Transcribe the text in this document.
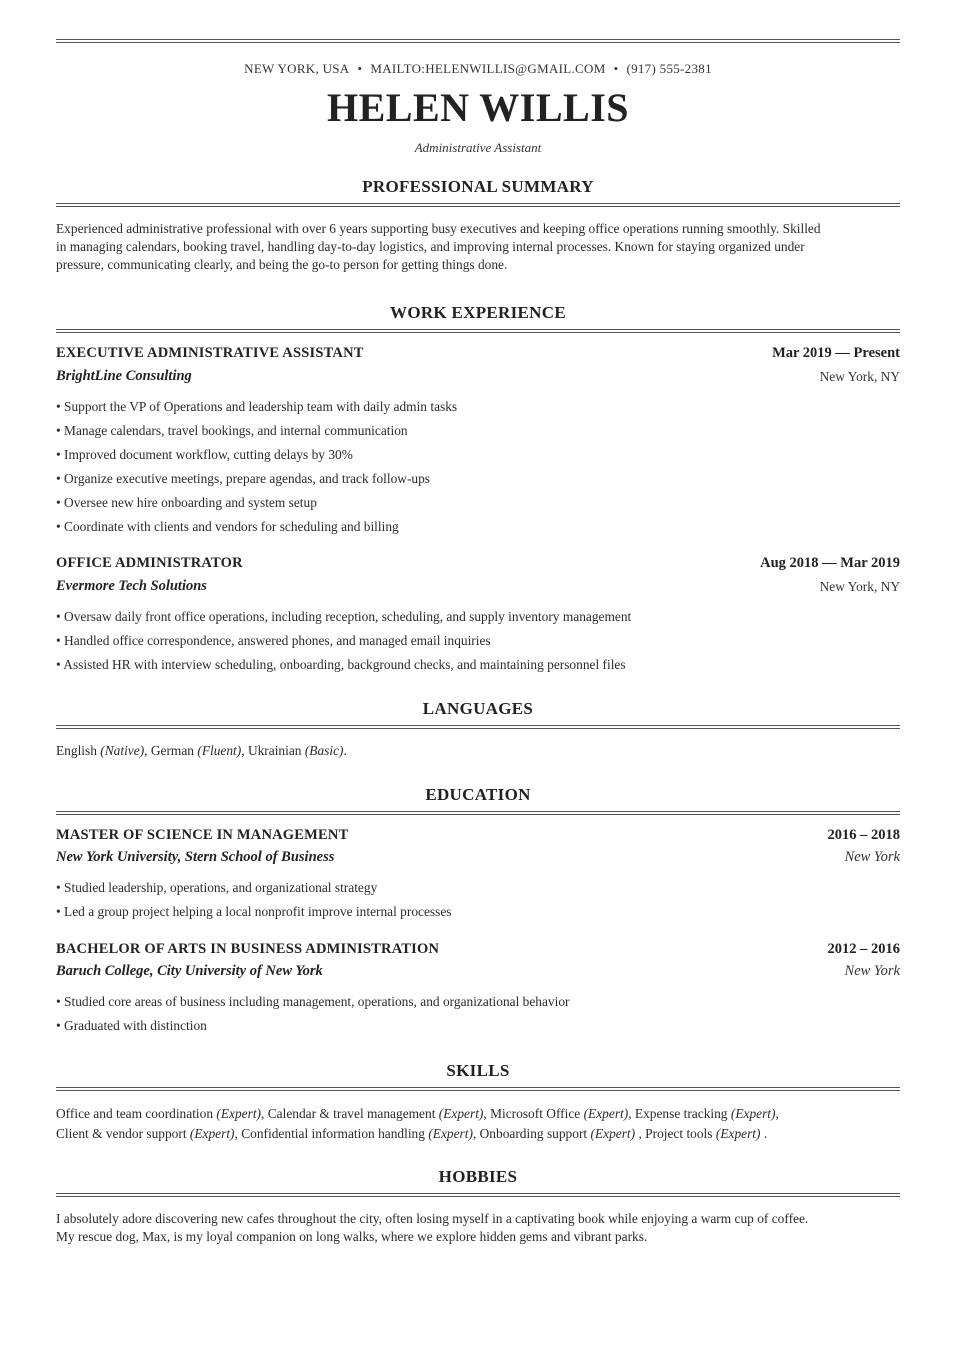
NEW YORK, USA • MAILTO:HELENWILLIS@GMAIL.COM • (917) 555-2381
HELEN WILLIS
Administrative Assistant
PROFESSIONAL SUMMARY
Experienced administrative professional with over 6 years supporting busy executives and keeping office operations running smoothly. Skilled
in managing calendars, booking travel, handling day-to-day logistics, and improving internal processes. Known for staying organized under
pressure, communicating clearly, and being the go-to person for getting things done.
WORK EXPERIENCE
EXECUTIVE ADMINISTRATIVE ASSISTANT	Mar 2019 — Present
BrightLine Consulting	New York, NY
• Support the VP of Operations and leadership team with daily admin tasks
• Manage calendars, travel bookings, and internal communication
• Improved document workflow, cutting delays by 30%
• Organize executive meetings, prepare agendas, and track follow-ups
• Oversee new hire onboarding and system setup
• Coordinate with clients and vendors for scheduling and billing
OFFICE ADMINISTRATOR	Aug 2018 — Mar 2019
Evermore Tech Solutions	New York, NY
• Oversaw daily front office operations, including reception, scheduling, and supply inventory management
• Handled office correspondence, answered phones, and managed email inquiries
• Assisted HR with interview scheduling, onboarding, background checks, and maintaining personnel files
LANGUAGES
English (Native), German (Fluent), Ukrainian (Basic).
EDUCATION
MASTER OF SCIENCE IN MANAGEMENT	2016 – 2018
New York University, Stern School of Business	New York
• Studied leadership, operations, and organizational strategy
• Led a group project helping a local nonprofit improve internal processes
BACHELOR OF ARTS IN BUSINESS ADMINISTRATION	2012 – 2016
Baruch College, City University of New York	New York
• Studied core areas of business including management, operations, and organizational behavior
• Graduated with distinction
SKILLS
Office and team coordination (Expert), Calendar & travel management (Expert), Microsoft Office (Expert), Expense tracking (Expert),
Client & vendor support (Expert), Confidential information handling (Expert), Onboarding support (Expert) , Project tools (Expert) .
HOBBIES
I absolutely adore discovering new cafes throughout the city, often losing myself in a captivating book while enjoying a warm cup of coffee.
My rescue dog, Max, is my loyal companion on long walks, where we explore hidden gems and vibrant parks.
